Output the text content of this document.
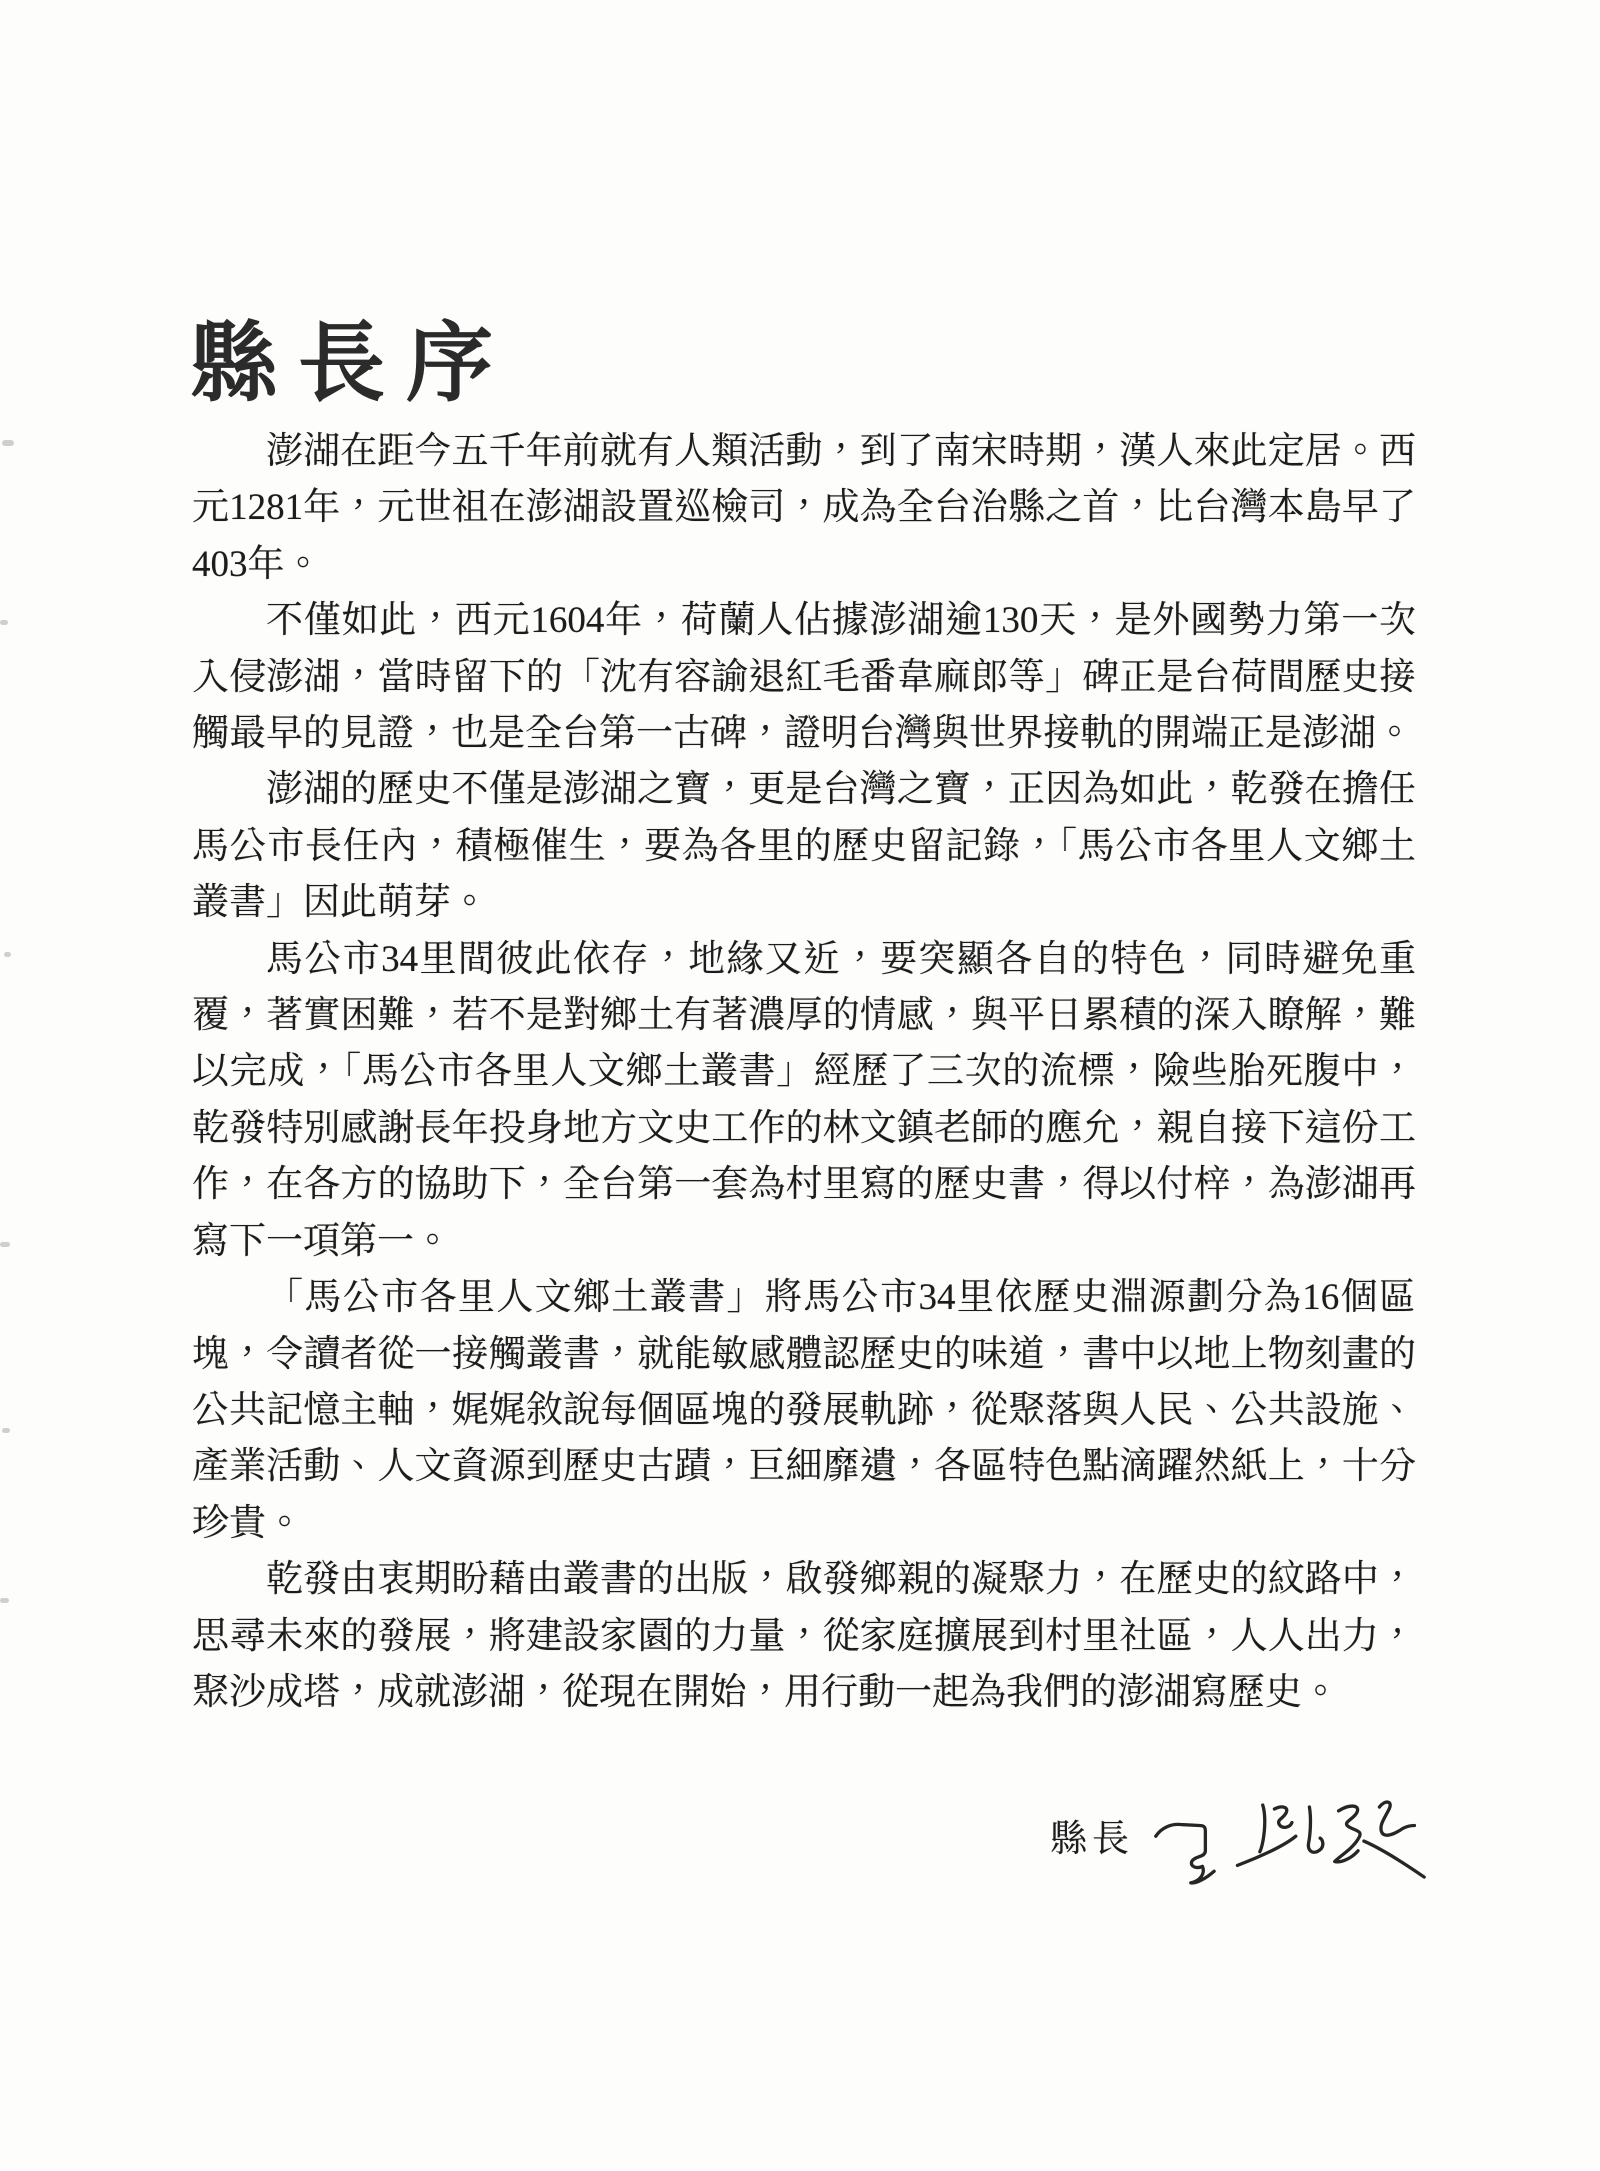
縣長序

澎湖在距今五千年前就有人類活動，到了南宋時期，漢人來此定居。西元1281年，元世祖在澎湖設置巡檢司，成為全台治縣之首，比台灣本島早了403年。

不僅如此，西元1604年，荷蘭人佔據澎湖逾130天，是外國勢力第一次入侵澎湖，當時留下的「沈有容諭退紅毛番韋麻郎等」碑正是台荷間歷史接觸最早的見證，也是全台第一古碑，證明台灣與世界接軌的開端正是澎湖。

澎湖的歷史不僅是澎湖之寶，更是台灣之寶，正因為如此，乾發在擔任馬公市長任內，積極催生，要為各里的歷史留記錄，「馬公市各里人文鄉土叢書」因此萌芽。

馬公市34里間彼此依存，地緣又近，要突顯各自的特色，同時避免重覆，著實困難，若不是對鄉土有著濃厚的情感，與平日累積的深入瞭解，難以完成，「馬公市各里人文鄉土叢書」經歷了三次的流標，險些胎死腹中，乾發特別感謝長年投身地方文史工作的林文鎮老師的應允，親自接下這份工作，在各方的協助下，全台第一套為村里寫的歷史書，得以付梓，為澎湖再寫下一項第一。

「馬公市各里人文鄉土叢書」將馬公市34里依歷史淵源劃分為16個區塊，令讀者從一接觸叢書，就能敏感體認歷史的味道，書中以地上物刻畫的公共記憶主軸，娓娓敘說每個區塊的發展軌跡，從聚落與人民、公共設施、產業活動、人文資源到歷史古蹟，巨細靡遺，各區特色點滴躍然紙上，十分珍貴。

乾發由衷期盼藉由叢書的出版，啟發鄉親的凝聚力，在歷史的紋路中，思尋未來的發展，將建設家園的力量，從家庭擴展到村里社區，人人出力，聚沙成塔，成就澎湖，從現在開始，用行動一起為我們的澎湖寫歷史。

縣長
